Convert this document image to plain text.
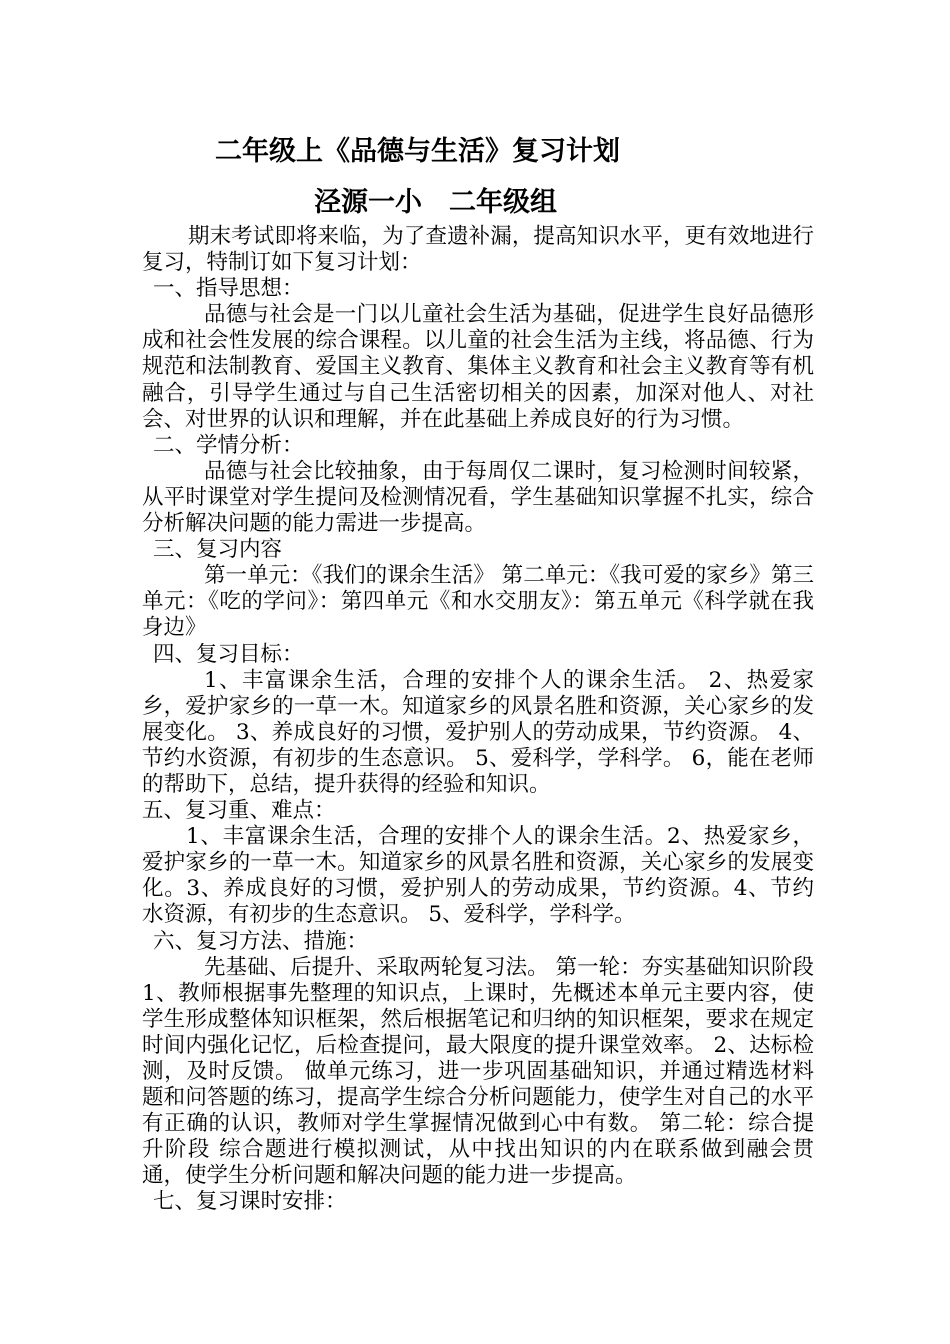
二年级上《品德与生活》复习计划
泾源一小　二年级组

期末考试即将来临，为了查遗补漏，提高知识水平，更有效地进行复习，特制订如下复习计划：

一、指导思想：

品德与社会是一门以儿童社会生活为基础，促进学生良好品德形成和社会性发展的综合课程。以儿童的社会生活为主线，将品德、行为规范和法制教育、爱国主义教育、集体主义教育和社会主义教育等有机融合，引导学生通过与自己生活密切相关的因素，加深对他人、对社会、对世界的认识和理解，并在此基础上养成良好的行为习惯。

二、学情分析：

品德与社会比较抽象，由于每周仅二课时，复习检测时间较紧，从平时课堂对学生提问及检测情况看，学生基础知识掌握不扎实，综合分析解决问题的能力需进一步提高。

三、复习内容

第一单元：《我们的课余生活》 第二单元：《我可爱的家乡》第三单元：《吃的学问》：第四单元《和水交朋友》：第五单元《科学就在我身边》

四、复习目标：

1、丰富课余生活，合理的安排个人的课余生活。 2、热爱家乡，爱护家乡的一草一木。知道家乡的风景名胜和资源，关心家乡的发展变化。 3、养成良好的习惯，爱护别人的劳动成果，节约资源。 4、节约水资源，有初步的生态意识。 5、爱科学，学科学。 6，能在老师的帮助下，总结，提升获得的经验和知识。

五、复习重、难点：

1、丰富课余生活，合理的安排个人的课余生活。2、热爱家乡，爱护家乡的一草一木。知道家乡的风景名胜和资源，关心家乡的发展变化。3、养成良好的习惯，爱护别人的劳动成果，节约资源。4、节约水资源，有初步的生态意识。 5、爱科学，学科学。

六、复习方法、措施：

先基础、后提升、采取两轮复习法。 第一轮：夯实基础知识阶段 1、教师根据事先整理的知识点，上课时，先概述本单元主要内容，使学生形成整体知识框架，然后根据笔记和归纳的知识框架，要求在规定时间内强化记忆，后检查提问，最大限度的提升课堂效率。 2、达标检测，及时反馈。 做单元练习，进一步巩固基础知识，并通过精选材料题和问答题的练习，提高学生综合分析问题能力，使学生对自己的水平有正确的认识，教师对学生掌握情况做到心中有数。 第二轮：综合提升阶段 综合题进行模拟测试，从中找出知识的内在联系做到融会贯通，使学生分析问题和解决问题的能力进一步提高。

七、复习课时安排：
